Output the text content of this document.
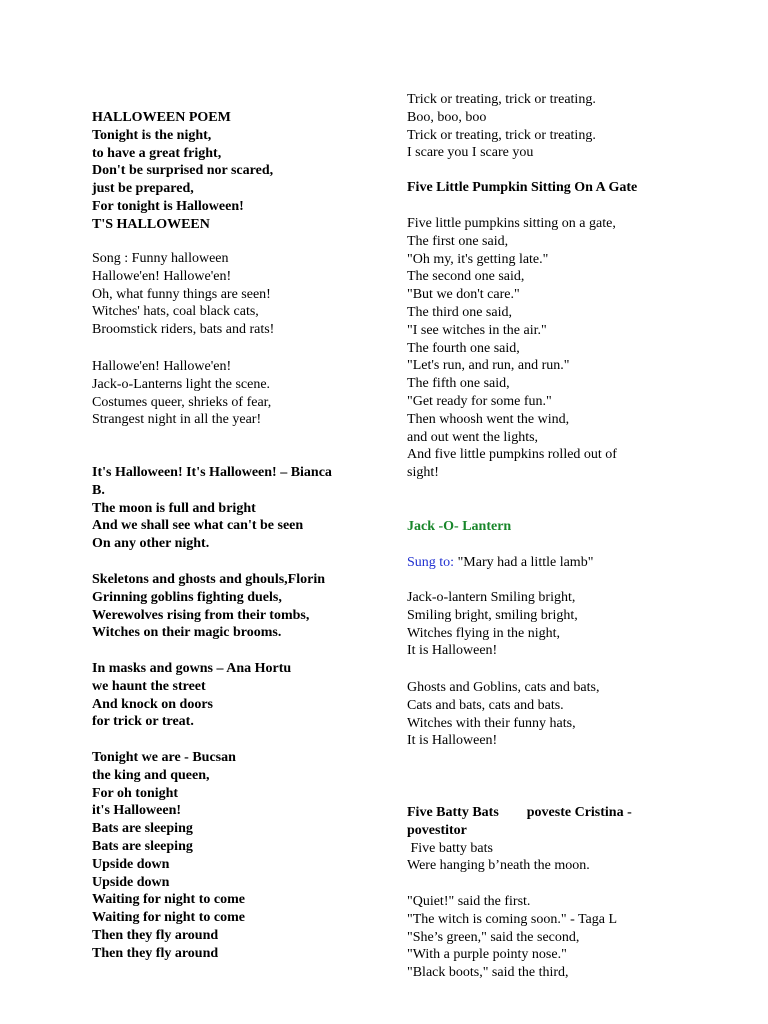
HALLOWEEN POEM
Tonight is the night,
to have a great fright,
Don't be surprised nor scared,
just be prepared,
For tonight is Halloween!
T'S HALLOWEEN
Song : Funny halloween
Hallowe'en! Hallowe'en!
Oh, what funny things are seen!
Witches' hats, coal black cats,
Broomstick riders, bats and rats!
Hallowe'en! Hallowe'en!
Jack-o-Lanterns light the scene.
Costumes queer, shrieks of fear,
Strangest night in all the year!
It's Halloween! It's Halloween! – Bianca
B.
The moon is full and bright
And we shall see what can't be seen
On any other night.
Skeletons and ghosts and ghouls,Florin
Grinning goblins fighting duels,
Werewolves rising from their tombs,
Witches on their magic brooms.
In masks and gowns – Ana Hortu
we haunt the street
And knock on doors
for trick or treat.
Tonight we are - Bucsan
the king and queen,
For oh tonight
it's Halloween!
Bats are sleeping
Bats are sleeping
Upside down
Upside down
Waiting for night to come
Waiting for night to come
Then they fly around
Then they fly around
Trick or treating, trick or treating.
Boo, boo, boo
Trick or treating, trick or treating.
I scare you I scare you
Five Little Pumpkin Sitting On A Gate
Five little pumpkins sitting on a gate,
The first one said,
"Oh my, it's getting late."
The second one said,
"But we don't care."
The third one said,
"I see witches in the air."
The fourth one said,
"Let's run, and run, and run."
The fifth one said,
"Get ready for some fun."
Then whoosh went the wind,
and out went the lights,
And five little pumpkins rolled out of
sight!
Jack -O- Lantern
Sung to: "Mary had a little lamb"
Jack-o-lantern Smiling bright,
Smiling bright, smiling bright,
Witches flying in the night,
It is Halloween!
Ghosts and Goblins, cats and bats,
Cats and bats, cats and bats.
Witches with their funny hats,
It is Halloween!
Five Batty Bats poveste Cristina -
povestitor
Five batty bats
Were hanging b’neath the moon.
"Quiet!" said the first.
"The witch is coming soon." - Taga L
"She’s green," said the second,
"With a purple pointy nose."
"Black boots," said the third,
